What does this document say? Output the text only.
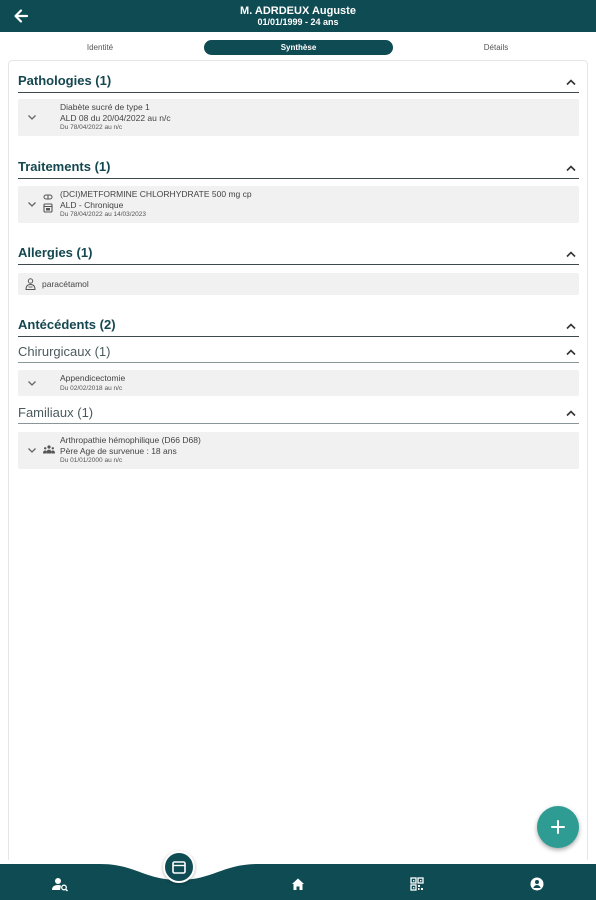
M. ADRDEUX Auguste
01/01/1999 - 24 ans
Identité	Synthèse	Détails
Pathologies (1)
Diabète sucré de type 1
ALD 08 du 20/04/2022 au n/c
Du 78/04/2022 au n/c
Traitements (1)
(DCI)METFORMINE CHLORHYDRATE 500 mg cp
ALD - Chronique
Du 78/04/2022 au 14/03/2023
Allergies (1)
paracétamol
Antécédents (2)
Chirurgicaux (1)
Appendicectomie
Du 02/02/2018 au n/c
Familiaux (1)
Arthropathie hémophilique (D66 D68)
Père Age de survenue : 18 ans
Du 01/01/2000 au n/c
